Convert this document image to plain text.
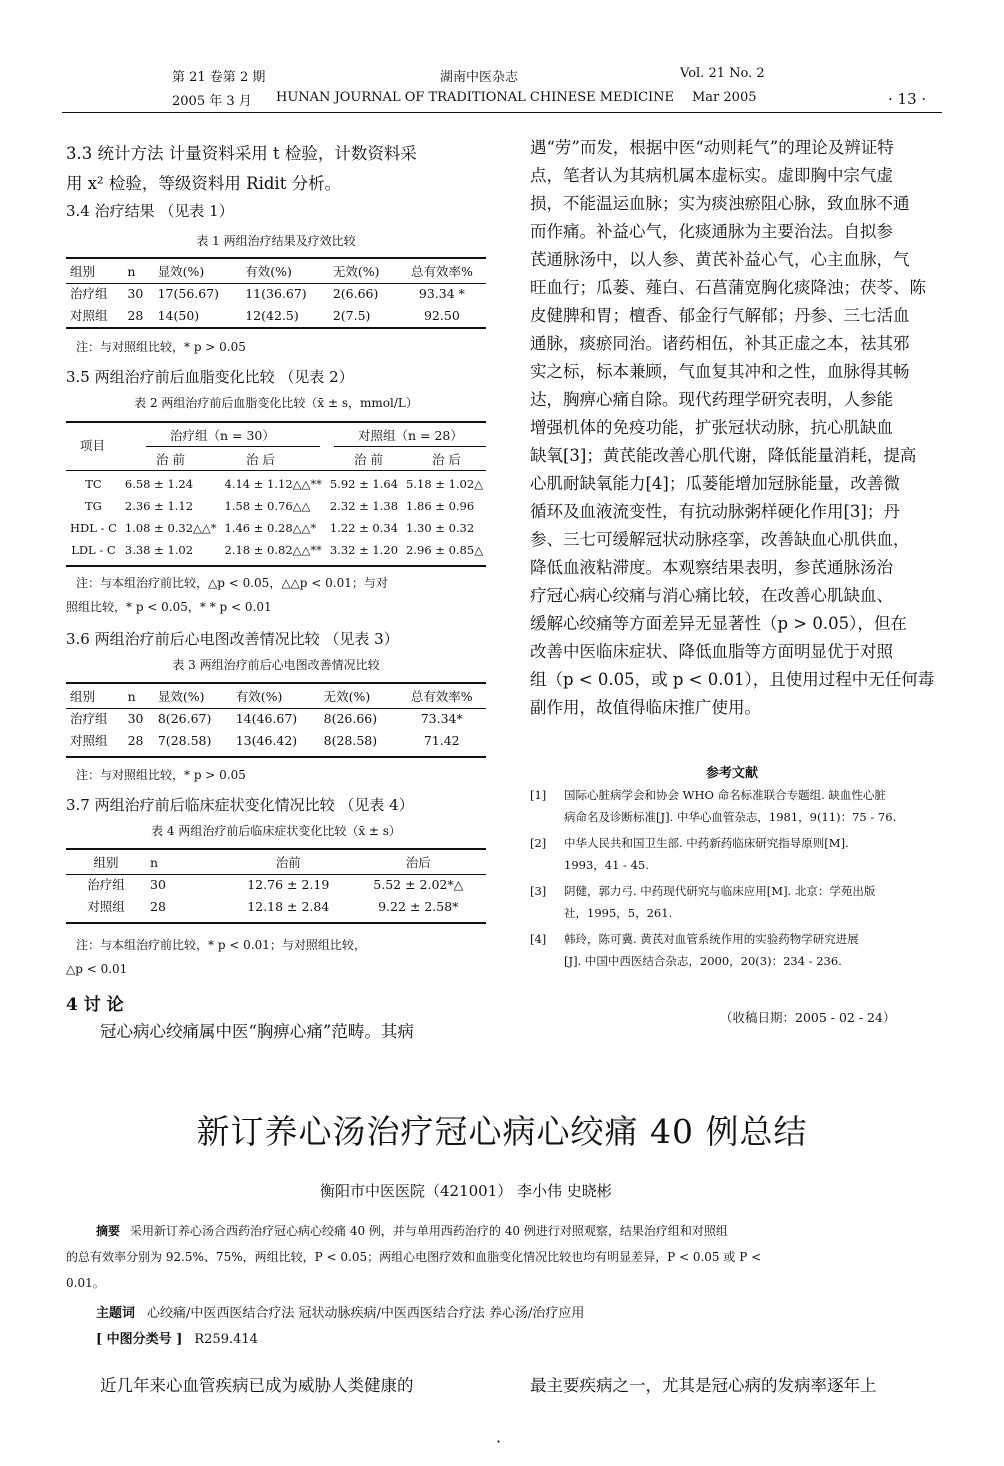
第 21 卷第 2 期	湖南中医杂志	Vol. 21 No. 2
2005 年 3 月 HUNAN JOURNAL OF TRADITIONAL CHINESE MEDICINE Mar 2005	· 13 ·
3.3 统计方法 计量资料采用 t 检验，计数资料采
用 x² 检验，等级资料用 Ridit 分析。
3.4 治疗结果 （见表 1）
表 1 两组治疗结果及疗效比较
组别	n	显效(%)	有效(%)	无效(%)	总有效率%
治疗组	30	17(56.67)	11(36.67)	2(6.66)	93.34 *
对照组	28	14(50)	12(42.5)	2(7.5)	92.50
注：与对照组比较，* p > 0.05
3.5 两组治疗前后血脂变化比较 （见表 2）
表 2 两组治疗前后血脂变化比较（x̄ ± s，mmol/L）
项目
治疗组（n = 30）	对照组（n = 28）
治 前	治 后	治 前	治 后
TC	6.58 ± 1.24	4.14 ± 1.12△△**	5.92 ± 1.64	5.18 ± 1.02△
TG	2.36 ± 1.12	1.58 ± 0.76△△	2.32 ± 1.38	1.86 ± 0.96
HDL - C	1.08 ± 0.32△△*	1.46 ± 0.28△△*	1.22 ± 0.34	1.30 ± 0.32
LDL - C	3.38 ± 1.02	2.18 ± 0.82△△**	3.32 ± 1.20	2.96 ± 0.85△
注：与本组治疗前比较，△p < 0.05，△△p < 0.01；与对
照组比较，* p < 0.05，* * p < 0.01
3.6 两组治疗前后心电图改善情况比较 （见表 3）
表 3 两组治疗前后心电图改善情况比较
组别	n	显效(%)	有效(%)	无效(%)	总有效率%
治疗组	30	8(26.67)	14(46.67)	8(26.66)	73.34*
对照组	28	7(28.58)	13(46.42)	8(28.58)	71.42
注：与对照组比较，* p > 0.05
3.7 两组治疗前后临床症状变化情况比较 （见表 4）
表 4 两组治疗前后临床症状变化比较（x̄ ± s）
组别	n	治前	治后
治疗组	30	12.76 ± 2.19	5.52 ± 2.02*△
对照组	28	12.18 ± 2.84	9.22 ± 2.58*
注：与本组治疗前比较，* p < 0.01；与对照组比较，
△p < 0.01
4 讨 论
冠心病心绞痛属中医“胸痹心痛”范畴。其病
遇“劳”而发，根据中医“动则耗气”的理论及辨证特
点，笔者认为其病机属本虚标实。虚即胸中宗气虚
损，不能温运血脉；实为痰浊瘀阻心脉，致血脉不通
而作痛。补益心气，化痰通脉为主要治法。自拟参
芪通脉汤中，以人参、黄芪补益心气，心主血脉，气
旺血行；瓜蒌、薤白、石菖蒲宽胸化痰降浊；茯苓、陈
皮健脾和胃；檀香、郁金行气解郁；丹参、三七活血
通脉，痰瘀同治。诸药相伍，补其正虚之本，祛其邪
实之标，标本兼顾，气血复其冲和之性，血脉得其畅
达，胸痹心痛自除。现代药理学研究表明，人参能
增强机体的免疫功能，扩张冠状动脉，抗心肌缺血
缺氧[3]；黄芪能改善心肌代谢，降低能量消耗，提高
心肌耐缺氧能力[4]；瓜蒌能增加冠脉能量，改善微
循环及血液流变性，有抗动脉粥样硬化作用[3]；丹
参、三七可缓解冠状动脉痉挛，改善缺血心肌供血，
降低血液粘滞度。本观察结果表明，参芪通脉汤治
疗冠心病心绞痛与消心痛比较，在改善心肌缺血、
缓解心绞痛等方面差异无显著性（p > 0.05），但在
改善中医临床症状、降低血脂等方面明显优于对照
组（p < 0.05，或 p < 0.01），且使用过程中无任何毒
副作用，故值得临床推广使用。
参考文献
[1] 国际心脏病学会和协会 WHO 命名标准联合专题组. 缺血性心脏
病命名及诊断标准[J]. 中华心血管杂志，1981，9(11)：75 - 76.
[2] 中华人民共和国卫生部. 中药新药临床研究指导原则[M].
1993，41 - 45.
[3] 阴健，郭力弓. 中药现代研究与临床应用[M]. 北京：学苑出版
社，1995，5，261.
[4] 韩玲，陈可冀. 黄芪对血管系统作用的实验药物学研究进展
[J]. 中国中西医结合杂志，2000，20(3)：234 - 236.
（收稿日期：2005 - 02 - 24）
新订养心汤治疗冠心病心绞痛 40 例总结
衡阳市中医医院（421001） 李小伟 史晓彬
摘要 采用新订养心汤合西药治疗冠心病心绞痛 40 例，并与单用西药治疗的 40 例进行对照观察，结果治疗组和对照组
的总有效率分别为 92.5%、75%，两组比较，P < 0.05；两组心电图疗效和血脂变化情况比较也均有明显差异，P < 0.05 或 P <
0.01。
主题词 心绞痛/中医西医结合疗法 冠状动脉疾病/中医西医结合疗法 养心汤/治疗应用
[ 中图分类号 ] R259.414
近几年来心血管疾病已成为威胁人类健康的	最主要疾病之一，尤其是冠心病的发病率逐年上
·
